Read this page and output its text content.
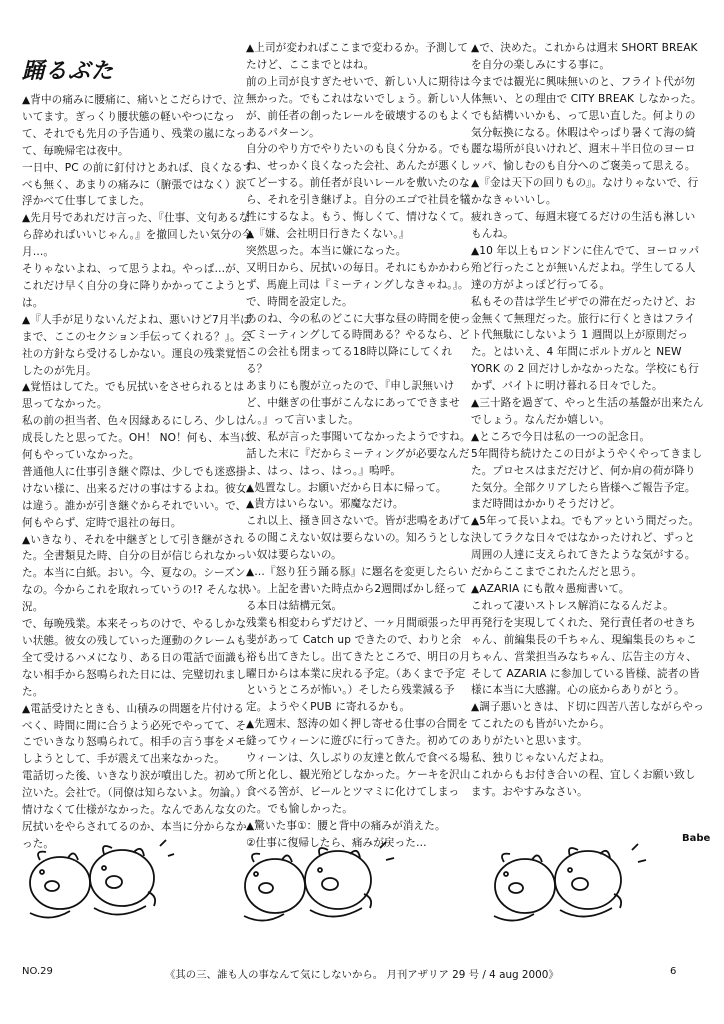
踊るぶた
▲背中の痛みに腰痛に、痛いとこだらけで、泣いてます。ぎっくり腰状態の軽いやつになって、それでも先月の予告通り、残業の嵐になって、毎晩帰宅は夜中。
一日中、PC の前に釘付けとあれば、良くなるすべも無く、あまりの痛みに（腑張ではなく）涙浮かべて仕事してました。
▲先月号であれだけ言った、『仕事、文句あるなら辞めればいいじゃん。』を撤回したい気分の今月…。
そりゃないよね、って思うよね。やっぱ…が、これだけ早く自分の身に降りかかってこようとは。
▲『人手が足りないんだよね、悪いけど7月半ばまで、ここのセクション手伝ってくれる？』。会社の方針なら受けるしかない。運良の残業覚悟したのが先月。
▲覚悟はしてた。でも尻拭いをさせられるとは思ってなかった。
私の前の担当者、色々因縁あるにしろ、少しは成長したと思ってた。OH！ NO！何も、本当に何もやっていなかった。
普通他人に仕事引き継ぐ際は、少しでも迷惑掛けない様に、出来るだけの事はするよね。彼女は違う。誰かが引き継ぐからそれでいい。で、何もやらず、定時で退社の毎日。
▲いきなり、それを中継ぎとして引き継がされた。全書類見た時、自分の目が信じられなかった。本当に白紙。おい。今、夏なの。シーズンなの。今からこれを取れっていうの!? そんな状況。
で、毎晩残業。本来そっちのけで、やるしかない状態。彼女の残していった運動のクレームも全て受けるハメになり、ある日の電話で面識もない相手から怒鳴られた日には、完璧切れました。
▲電話受けたときも、山積みの問題を片付けるべく、時間に間に合うよう必死でやってて、そこでいきなり怒鳴られて。相手の言う事をメモしようとして、手が震えて出来なかった。
電話切った後、いきなり涙が噴出した。初めて泣いた。会社で。（同僚は知らないよ。勿論。）情けなくて仕様がなかった。なんであんな女の尻拭いをやらされてるのか、本当に分からなかった。
▲上司が変わればここまで変わるか。予測してたけど、ここまでとはね。
前の上司が良すぎたせいで、新しい人に期待は無かった。でもこれはないでしょう。新しい人が、前任者の創ったレールを破壊するのもよくあるパターン。
自分のやり方でやりたいのも良く分かる。でもね、せっかく良くなった会社、あんたが悪くしてどーする。前任者が良いレールを敷いたのなら、それを引き継げよ。自分のエゴで社員を犠牲にするなよ。もう、悔しくて、情けなくて。
▲『嫌、会社明日行きたくない。』
突然思った。本当に嫌になった。
又明日から、尻拭いの毎日。それにもかかわらず、馬鹿上司は『ミーティングしなきゃね。』。で、時間を設定した。
あのね、今の私のどこに大事な昼の時間を使ってミーティングしてる時間ある？やるなら、どこの会社も閉まってる18時以降にしてくれる？
あまりにも腹が立ったので、『申し訳無いけど、中継ぎの仕事がこんなにあってできません。』って言いました。
彼、私が言った事聞いてなかったようですね。話した末に『だからミーティングが必要なんだよ、はっ、はっ、はっ。』嗚呼。
▲処置なし。お願いだから日本に帰って。
▲貴方はいらない。邪魔なだけ。
これ以上、掻き回さないで。皆が悲鳴をあげてるの聞こえない奴は要らないの。知ろうとしない奴は要らないの。
▲…『怒り狂う踊る豚』に題名を変更したらいい。上記を書いた時点から2週間ばかし経ってる本日は結構元気。
残業も相変わらずだけど、一ヶ月間頑張った甲斐があって Catch up できたので、わりと余裕も出てきたし。出てきたところで、明日の月曜日からは本業に戻れる予定。（あくまで予定というところが怖い。）そしたら残業減る予定。ようやくPUB に寄れるかも。
▲先週末、怒涛の如く押し寄せる仕事の合間を縫ってウィーンに遊びに行ってきた。初めてのウィーンは、久しぶりの友達と飲んで食べる場所と化し、観光殆どしなかった。ケーキを沢山食べる筈が、ビールとツマミに化けてしまった。でも愉しかった。
▲驚いた事①：腰と背中の痛みが消えた。
②仕事に復帰したら、痛みが戻った…
▲で、決めた。これからは週末 SHORT BREAK を自分の楽しみにする事に。
今までは観光に興味無いのと、フライト代が勿体無い、との理由で CITY BREAK しなかった。でも結構いいかも、って思い直した。何よりの気分転換になる。休暇はやっぱり暑くて海の綺麗な場所が良いけれど、週末＋半日位のヨーロッパ、愉しむのも自分へのご褒美って思える。
▲『金は天下の回りもの』。なけりゃないで、行かなきゃいいし。
疲れきって、毎週末寝てるだけの生活も淋しいもんね。
▲10 年以上もロンドンに住んでて、ヨーロッパ殆ど行ったことが無いんだよね。学生してる人達の方がよっぽど行ってる。
私もその昔は学生ビザでの滞在だったけど、お金無くて無理だった。旅行に行くときはフライト代無駄にしないよう 1 週間以上が原則だった。とはいえ、4 年間にポルトガルと NEW YORK の 2 回だけしかなかったな。学校にも行かず、バイトに明け暮れる日々でした。
▲三十路を過ぎて、やっと生活の基盤が出来たんでしょう。なんだか嬉しい。
▲ところで今日は私の一つの記念日。
5年間待ち続けたこの日がようやくやってきました。プロセスはまだだけど、何か肩の荷が降りた気分。全部クリアしたら皆様へご報告予定。
まだ時間はかかりそうだけど。
▲5年って長いよね。でもアッという間だった。決してラクな日々ではなかったけれど、ずっと周囲の人達に支えられてきたような気がする。だからここまでこれたんだと思う。
▲AZARIA にも散々愚痴書いて。
これって凄いストレス解消になるんだよ。
再発行を実現してくれた、発行責任者のせきちゃん、前編集長の千ちゃん、現編集長のちゃこちゃん、営業担当みなちゃん、広告主の方々、そして AZARIA に参加している皆様、読者の皆様に本当に大感謝。心の底からありがとう。
▲調子悪いときは、ド切に四苦八苦しながらやってこれたのも皆がいたから。
ありがたいと思います。
私、独りじゃないんだよね。
これからもお付き合いの程、宜しくお願い致します。おやすみなさい。
Babe
NO.29	《其の三、誰も人の事なんて気にしないから。 月刊アザリア 29 号 / 4 aug 2000》	6
